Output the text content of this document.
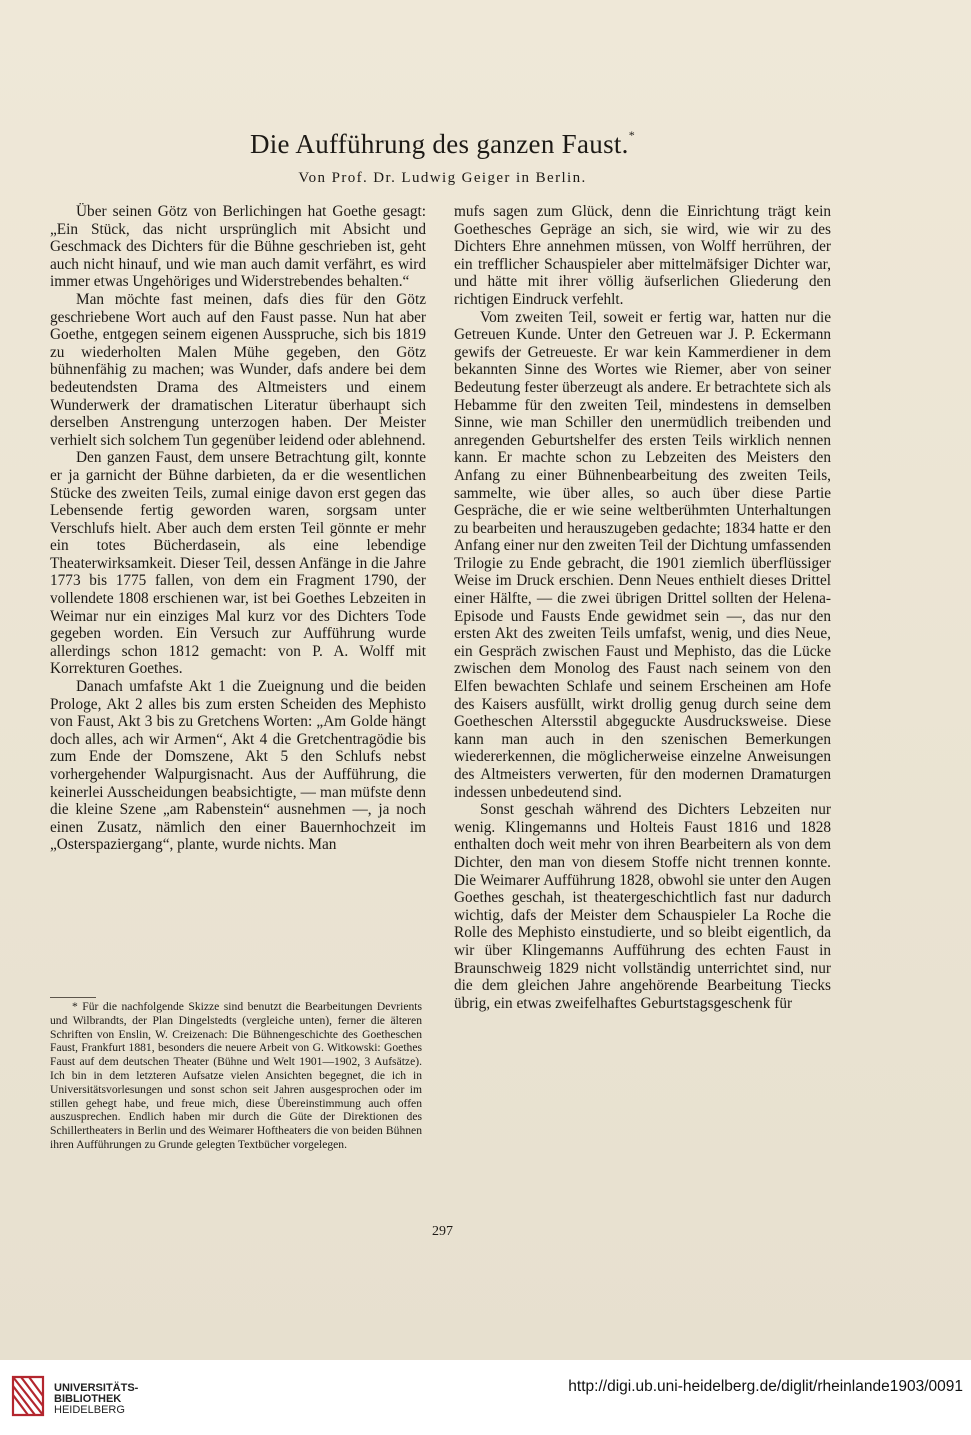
Die Aufführung des ganzen Faust.*
Von Prof. Dr. Ludwig Geiger in Berlin.

Über seinen Götz von Berlichingen hat Goethe gesagt: „Ein Stück, das nicht ursprünglich mit Absicht und Geschmack des Dichters für die Bühne geschrieben ist, geht auch nicht hinauf, und wie man auch damit verfährt, es wird immer etwas Ungehöriges und Widerstrebendes behalten.“

Man möchte fast meinen, dafs dies für den Götz geschriebene Wort auch auf den Faust passe. Nun hat aber Goethe, entgegen seinem eigenen Ausspruche, sich bis 1819 zu wiederholten Malen Mühe gegeben, den Götz bühnenfähig zu machen; was Wunder, dafs andere bei dem bedeutendsten Drama des Altmeisters und einem Wunderwerk der dramatischen Literatur überhaupt sich derselben Anstrengung unterzogen haben. Der Meister verhielt sich solchem Tun gegenüber leidend oder ablehnend.

Den ganzen Faust, dem unsere Betrachtung gilt, konnte er ja garnicht der Bühne darbieten, da er die wesentlichen Stücke des zweiten Teils, zumal einige davon erst gegen das Lebensende fertig geworden waren, sorgsam unter Verschlufs hielt. Aber auch dem ersten Teil gönnte er mehr ein totes Bücherdasein, als eine lebendige Theaterwirksamkeit. Dieser Teil, dessen Anfänge in die Jahre 1773 bis 1775 fallen, von dem ein Fragment 1790, der vollendete 1808 erschienen war, ist bei Goethes Lebzeiten in Weimar nur ein einziges Mal kurz vor des Dichters Tode gegeben worden. Ein Versuch zur Aufführung wurde allerdings schon 1812 gemacht: von P. A. Wolff mit Korrekturen Goethes.

Danach umfafste Akt 1 die Zueignung und die beiden Prologe, Akt 2 alles bis zum ersten Scheiden des Mephisto von Faust, Akt 3 bis zu Gretchens Worten: „Am Golde hängt doch alles, ach wir Armen“, Akt 4 die Gretchentragödie bis zum Ende der Domszene, Akt 5 den Schlufs nebst vorhergehender Walpurgisnacht. Aus der Aufführung, die keinerlei Ausscheidungen beabsichtigte, — man müfste denn die kleine Szene „am Rabenstein“ ausnehmen —, ja noch einen Zusatz, nämlich den einer Bauernhochzeit im „Osterspaziergang“, plante, wurde nichts. Man

* Für die nachfolgende Skizze sind benutzt die Bearbeitungen Devrients und Wilbrandts, der Plan Dingelstedts (vergleiche unten), ferner die älteren Schriften von Enslin, W. Creizenach: Die Bühnengeschichte des Goetheschen Faust, Frankfurt 1881, besonders die neuere Arbeit von G. Witkowski: Goethes Faust auf dem deutschen Theater (Bühne und Welt 1901—1902, 3 Aufsätze). Ich bin in dem letzteren Aufsatze vielen Ansichten begegnet, die ich in Universitätsvorlesungen und sonst schon seit Jahren ausgesprochen oder im stillen gehegt habe, und freue mich, diese Übereinstimmung auch offen auszusprechen. Endlich haben mir durch die Güte der Direktionen des Schillertheaters in Berlin und des Weimarer Hoftheaters die von beiden Bühnen ihren Aufführungen zu Grunde gelegten Textbücher vorgelegen.

mufs sagen zum Glück, denn die Einrichtung trägt kein Goethesches Gepräge an sich, sie wird, wie wir zu des Dichters Ehre annehmen müssen, von Wolff herrühren, der ein trefflicher Schauspieler aber mittelmäfsiger Dichter war, und hätte mit ihrer völlig äufserlichen Gliederung den richtigen Eindruck verfehlt.

Vom zweiten Teil, soweit er fertig war, hatten nur die Getreuen Kunde. Unter den Getreuen war J. P. Eckermann gewifs der Getreueste. Er war kein Kammerdiener in dem bekannten Sinne des Wortes wie Riemer, aber von seiner Bedeutung fester überzeugt als andere. Er betrachtete sich als Hebamme für den zweiten Teil, mindestens in demselben Sinne, wie man Schiller den unermüdlich treibenden und anregenden Geburtshelfer des ersten Teils wirklich nennen kann. Er machte schon zu Lebzeiten des Meisters den Anfang zu einer Bühnenbearbeitung des zweiten Teils, sammelte, wie über alles, so auch über diese Partie Gespräche, die er wie seine weltberühmten Unterhaltungen zu bearbeiten und herauszugeben gedachte; 1834 hatte er den Anfang einer nur den zweiten Teil der Dichtung umfassenden Trilogie zu Ende gebracht, die 1901 ziemlich überflüssiger Weise im Druck erschien. Denn Neues enthielt dieses Drittel einer Hälfte, — die zwei übrigen Drittel sollten der Helena-Episode und Fausts Ende gewidmet sein —, das nur den ersten Akt des zweiten Teils umfafst, wenig, und dies Neue, ein Gespräch zwischen Faust und Mephisto, das die Lücke zwischen dem Monolog des Faust nach seinem von den Elfen bewachten Schlafe und seinem Erscheinen am Hofe des Kaisers ausfüllt, wirkt drollig genug durch seine dem Goetheschen Altersstil abgeguckte Ausdrucksweise. Diese kann man auch in den szenischen Bemerkungen wiedererkennen, die möglicherweise einzelne Anweisungen des Altmeisters verwerten, für den modernen Dramaturgen indessen unbedeutend sind.

Sonst geschah während des Dichters Lebzeiten nur wenig. Klingemanns und Holteis Faust 1816 und 1828 enthalten doch weit mehr von ihren Bearbeitern als von dem Dichter, den man von diesem Stoffe nicht trennen konnte. Die Weimarer Aufführung 1828, obwohl sie unter den Augen Goethes geschah, ist theatergeschichtlich fast nur dadurch wichtig, dafs der Meister dem Schauspieler La Roche die Rolle des Mephisto einstudierte, und so bleibt eigentlich, da wir über Klingemanns Aufführung des echten Faust in Braunschweig 1829 nicht vollständig unterrichtet sind, nur die dem gleichen Jahre angehörende Bearbeitung Tiecks übrig, ein etwas zweifelhaftes Geburtstagsgeschenk für

297
UNIVERSITÄTS-
BIBLIOTHEK
HEIDELBERG
http://digi.ub.uni-heidelberg.de/diglit/rheinlande1903/0091
